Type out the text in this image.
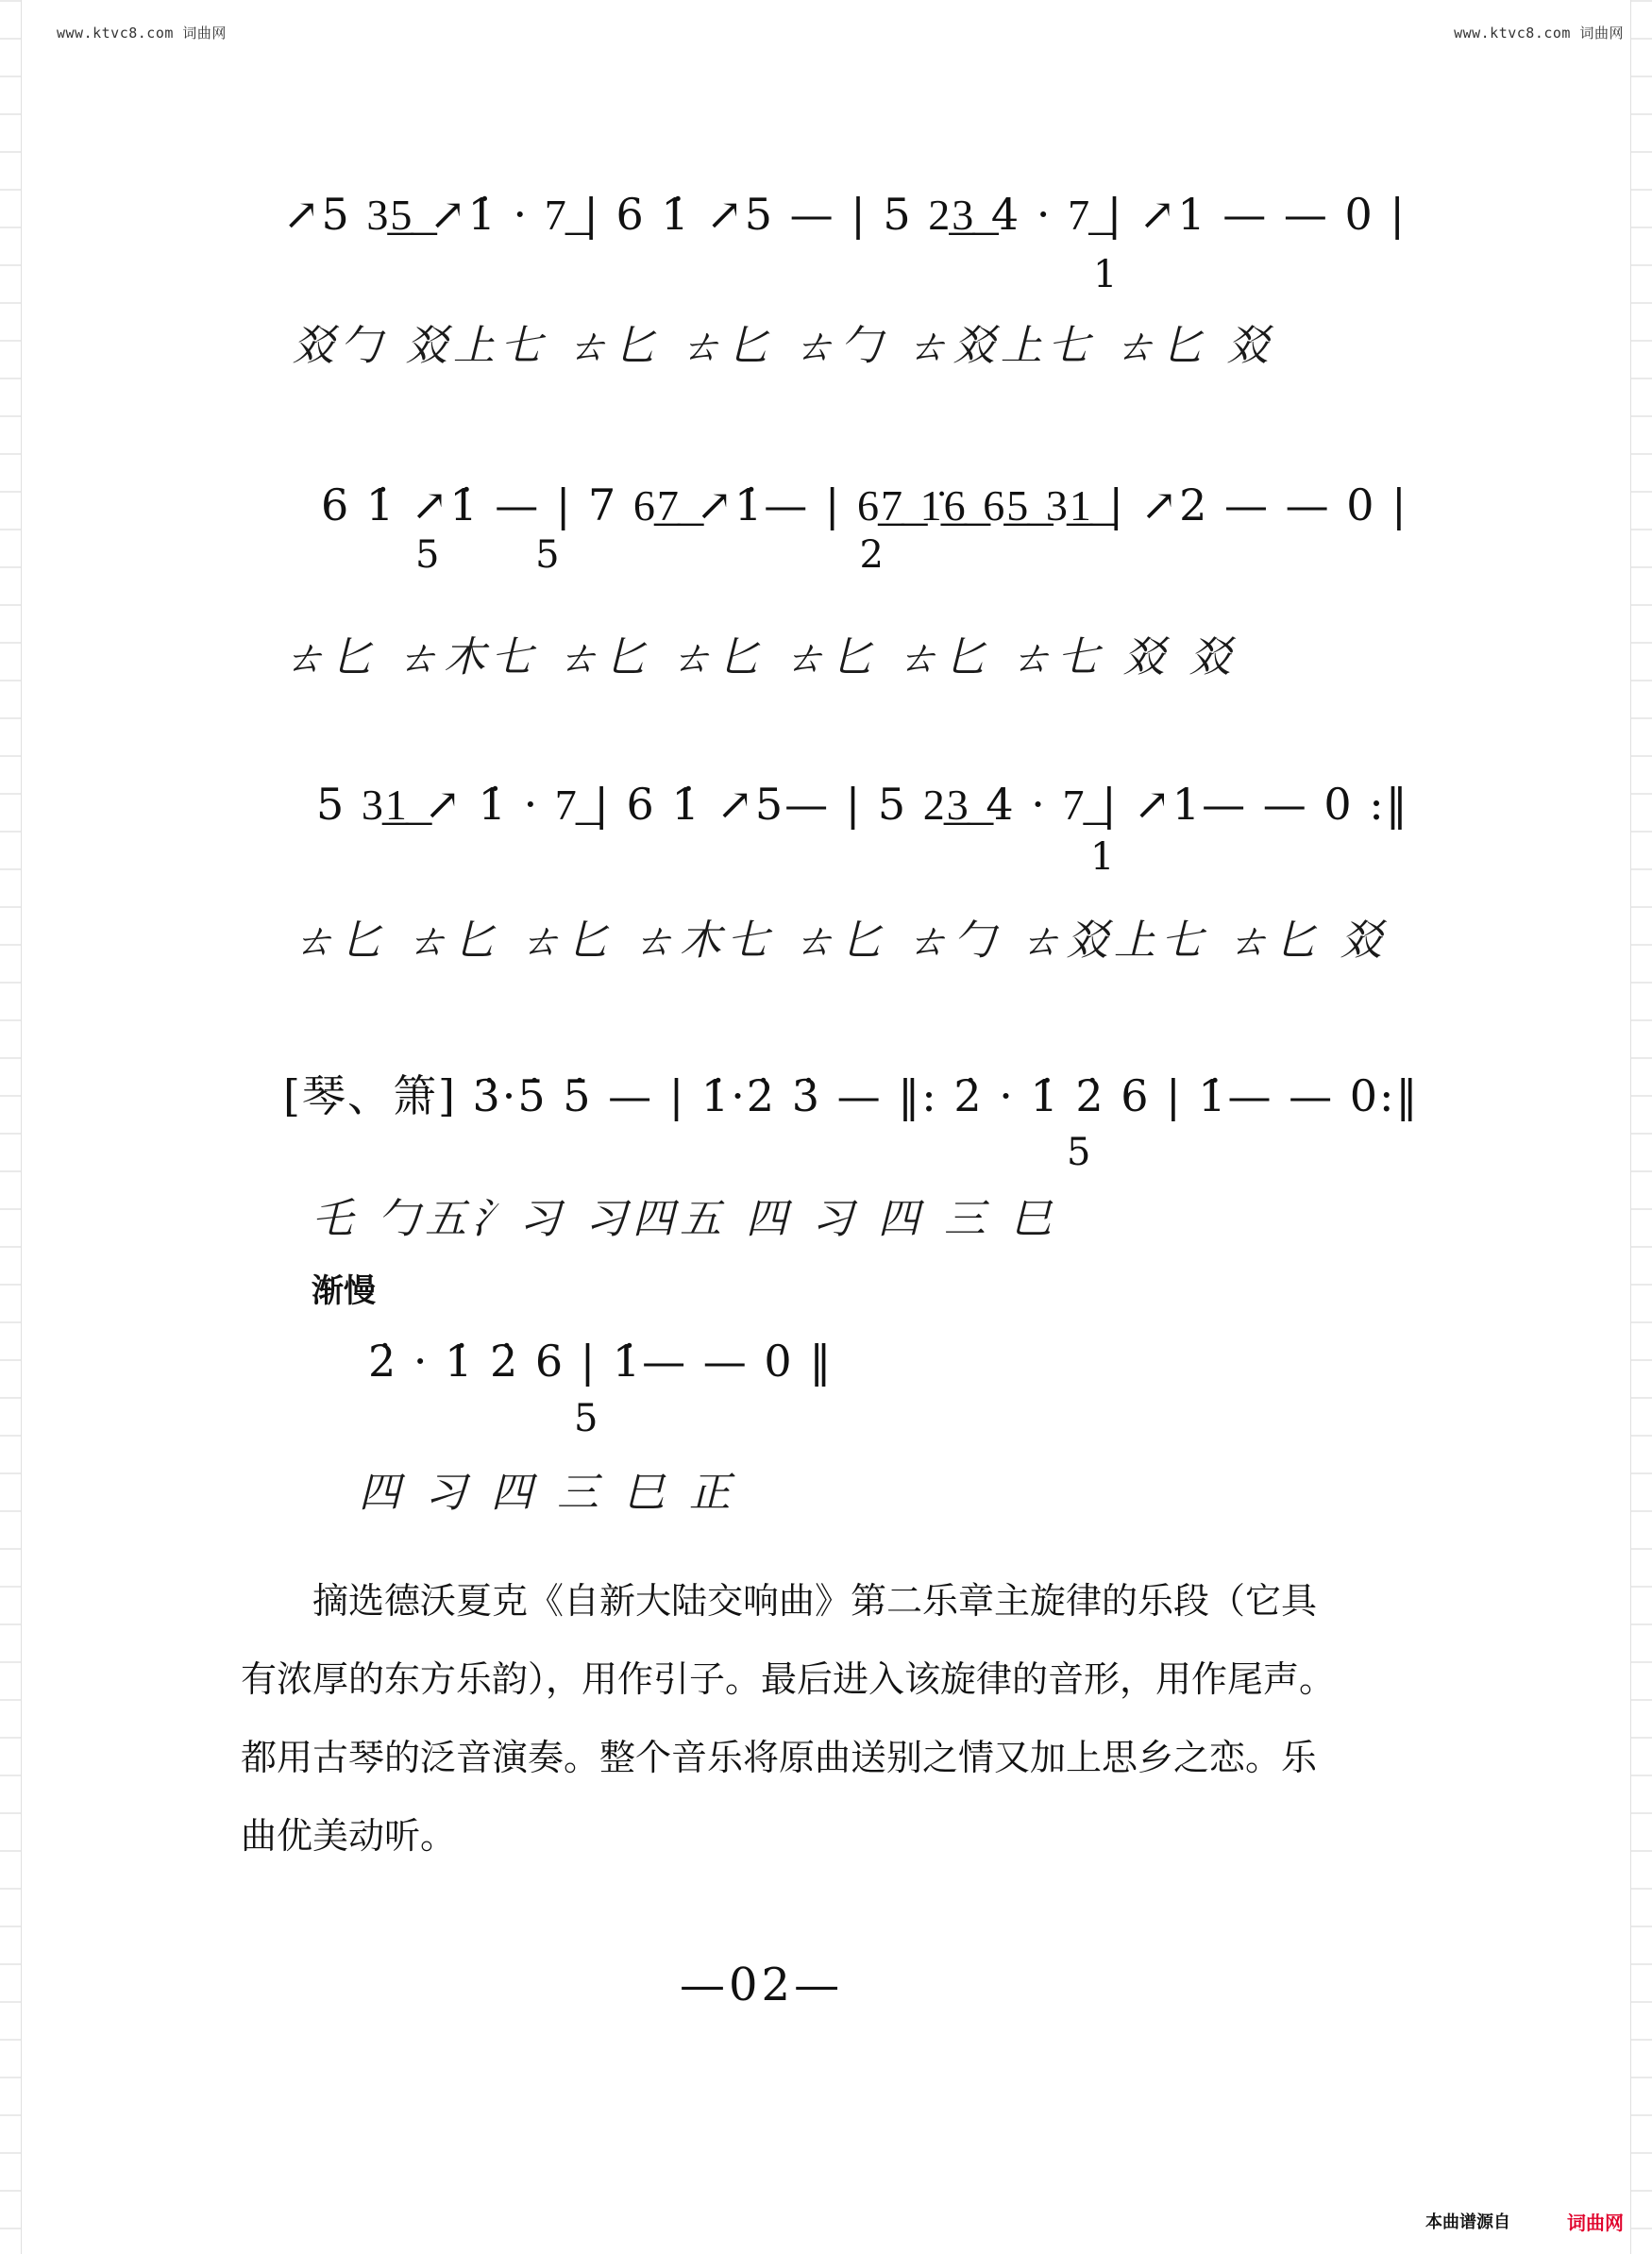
www.ktvc8.com 词曲网	www.ktvc8.com 词曲网
↗5 3͟5͟ ↗1̇ · 7͟ | 6 1̇ ↗5 — | 5 2͟3͟ 4 · 7͟ | ↗1 — — 0 |
1
㸚勹 㸚上七 ㄊ匕 ㄊ匕 ㄊ勹 ㄊ㸚上七 ㄊ匕 㸚
6 1̇ ↗1̇ — | 7 6͟7͟ ↗1̇— | 6͟7͟ 1̇͟6͟ 6͟5͟ 3͟1͟ | ↗2 — — 0 |
5        5                         2
ㄊ匕 ㄊ木七 ㄊ匕 ㄊ匕 ㄊ匕 ㄊ匕 ㄊ七 㸚 㸚
5 3͟1͟ ↗ 1̇ · 7͟ | 6 1̇ ↗5— | 5 2͟3͟ 4 · 7͟ | ↗1— — 0 :‖
1
ㄊ匕 ㄊ匕 ㄊ匕 ㄊ木七 ㄊ匕 ㄊ勹 ㄊ㸚上七 ㄊ匕 㸚
[琴、箫] 3̇·5̇ 5̇ — | 1̇·2̇ 3̇ — ‖: 2̇ · 1̇ 2̇ 6 | 1̇— — 0:‖
5
乇 勹五氵习 习四五 四 习 四 三 巳
渐慢
2̇ · 1̇ 2̇ 6 | 1̇— — 0 ‖
5
四 习 四 三 巳 正
摘选德沃夏克《自新大陆交响曲》第二乐章主旋律的乐段（它具有浓厚的东方乐韵），用作引子。最后进入该旋律的音形，用作尾声。都用古琴的泛音演奏。整个音乐将原曲送别之情又加上思乡之恋。乐曲优美动听。
—02—
本曲谱源自	词曲网
